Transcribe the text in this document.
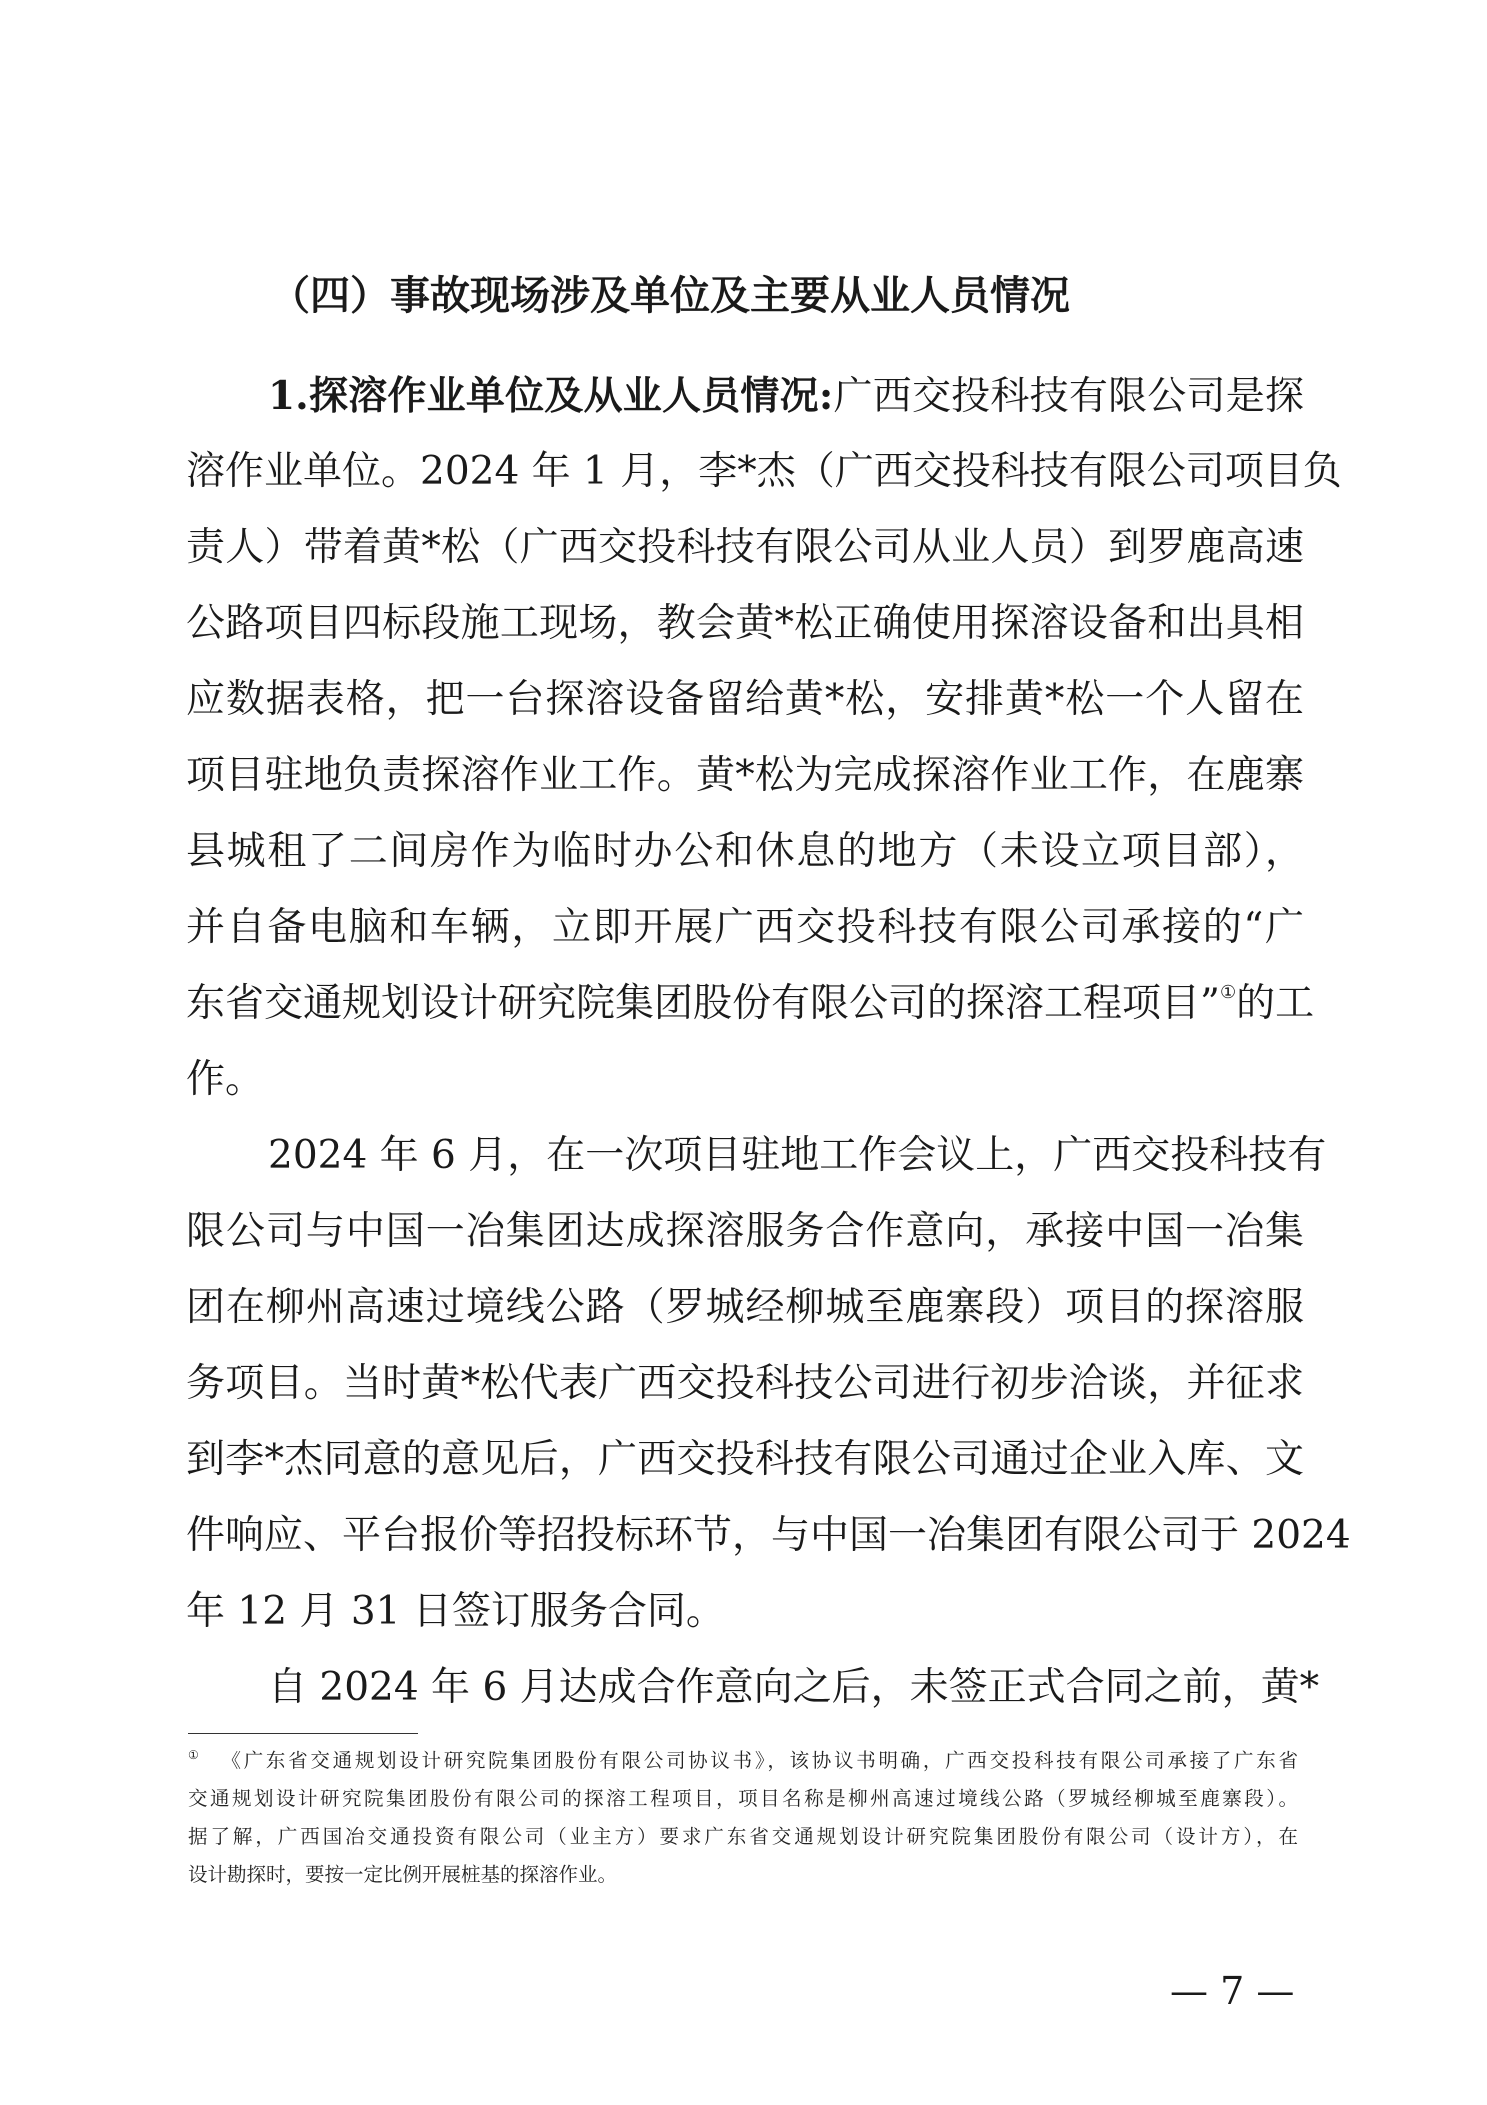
（四）事故现场涉及单位及主要从业人员情况
1.探溶作业单位及从业人员情况:广西交投科技有限公司是探
溶作业单位。2024 年 1 月，李*杰（广西交投科技有限公司项目负
责人）带着黄*松（广西交投科技有限公司从业人员）到罗鹿高速
公路项目四标段施工现场，教会黄*松正确使用探溶设备和出具相
应数据表格，把一台探溶设备留给黄*松，安排黄*松一个人留在
项目驻地负责探溶作业工作。黄*松为完成探溶作业工作，在鹿寨
县城租了二间房作为临时办公和休息的地方（未设立项目部），
并自备电脑和车辆，立即开展广西交投科技有限公司承接的“广
东省交通规划设计研究院集团股份有限公司的探溶工程项目”①的工
作。
2024 年 6 月，在一次项目驻地工作会议上，广西交投科技有
限公司与中国一冶集团达成探溶服务合作意向，承接中国一冶集
团在柳州高速过境线公路（罗城经柳城至鹿寨段）项目的探溶服
务项目。当时黄*松代表广西交投科技公司进行初步洽谈，并征求
到李*杰同意的意见后，广西交投科技有限公司通过企业入库、文
件响应、平台报价等招投标环节，与中国一冶集团有限公司于 2024
年 12 月 31 日签订服务合同。
自 2024 年 6 月达成合作意向之后，未签正式合同之前，黄*
① 《广东省交通规划设计研究院集团股份有限公司协议书》，该协议书明确，广西交投科技有限公司承接了广东省
交通规划设计研究院集团股份有限公司的探溶工程项目，项目名称是柳州高速过境线公路（罗城经柳城至鹿寨段）。
据了解，广西国冶交通投资有限公司（业主方）要求广东省交通规划设计研究院集团股份有限公司（设计方），在
设计勘探时，要按一定比例开展桩基的探溶作业。
— 7 —
